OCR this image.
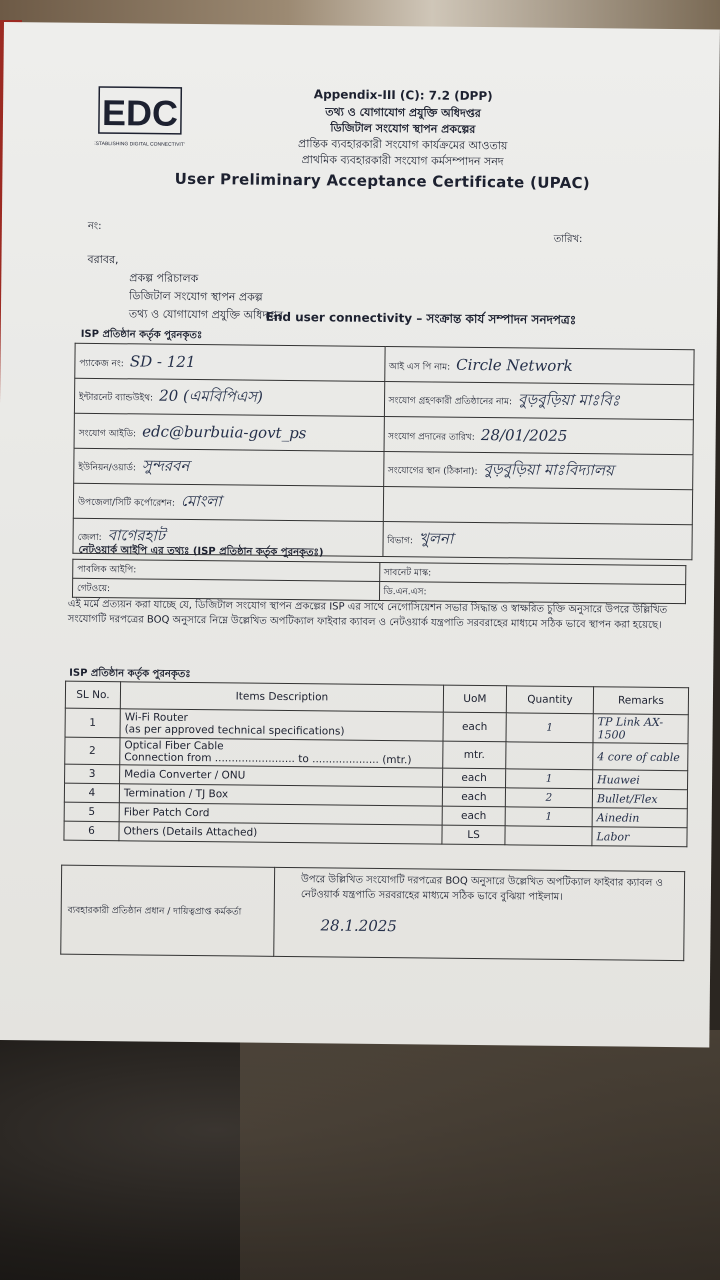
EDC
ESTABLISHING DIGITAL CONNECTIVITY
Appendix-III (C): 7.2 (DPP)
তথ্য ও যোগাযোগ প্রযুক্তি অধিদপ্তর
ডিজিটাল সংযোগ স্থাপন প্রকল্পের
প্রান্তিক ব্যবহারকারী সংযোগ কার্যক্রমের আওতায়
প্রাথমিক ব্যবহারকারী সংযোগ কর্মসম্পাদন সনদ
User Preliminary Acceptance Certificate (UPAC)
নং:
তারিখ:
বরাবর,
প্রকল্প পরিচালক
ডিজিটাল সংযোগ স্থাপন প্রকল্প
তথ্য ও যোগাযোগ প্রযুক্তি অধিদপ্তর
End user connectivity – সংক্রান্ত কার্য সম্পাদন সনদপত্রঃ
ISP প্রতিষ্ঠান কর্তৃক পুরনকৃতঃ
প্যাকেজ নং: SD - 121	আই এস পি নাম: Circle Network
ইন্টারনেট ব্যান্ডউইথ: 20 (এমবিপিএস)	সংযোগ গ্রহণকারী প্রতিষ্ঠানের নাম: বুড়বুড়িয়া মাঃবিঃ
সংযোগ আইডি: edc@burbuia-govt_ps	সংযোগ প্রদানের তারিখ: 28/01/2025
ইউনিয়ন/ওয়ার্ড: সুন্দরবন	সংযোগের স্থান (ঠিকানা): বুড়বুড়িয়া মাঃবিদ্যালয়
উপজেলা/সিটি কর্পোরেশন: মোংলা	
জেলা: বাগেরহাট	বিভাগ: খুলনা
নেটওয়ার্ক আইপি এর তথ্যঃ (ISP প্রতিষ্ঠান কর্তৃক পুরনকৃতঃ)
পাবলিক আইপি:	সাবনেট মাস্ক:
গেটওয়ে:	ডি.এন.এস:
এই মর্মে প্রত্যয়ন করা যাচ্ছে যে, ডিজিটাল সংযোগ স্থাপন প্রকল্পের ISP এর সাথে নেগোসিয়েশন সভার সিদ্ধান্ত ও স্বাক্ষরিত চুক্তি অনুসারে উপরে উল্লিখিত সংযোগটি দরপত্রের BOQ অনুসারে নিম্নে উল্লেখিত অপটিক্যাল ফাইবার ক্যাবল ও নেটওয়ার্ক যন্ত্রপাতি সরবরাহের মাধ্যমে সঠিক ভাবে স্থাপন করা হয়েছে।
ISP প্রতিষ্ঠান কর্তৃক পুরনকৃতঃ
SL No.	Items Description	UoM	Quantity	Remarks
1	Wi-Fi Router
(as per approved technical specifications)	each	1	TP Link AX-1500
2	Optical Fiber Cable
Connection from ........................ to .................... (mtr.)	mtr.		4 core of cable
3	Media Converter / ONU	each	1	Huawei
4	Termination / TJ Box	each	2	Bullet/Flex
5	Fiber Patch Cord	each	1	Ainedin
6	Others (Details Attached)	LS		Labor
ব্যবহারকারী প্রতিষ্ঠান প্রধান / দায়িত্বপ্রাপ্ত কর্মকর্তা	
উপরে উল্লিখিত সংযোগটি দরপত্রের BOQ অনুসারে উল্লেখিত অপটিক্যাল ফাইবার ক্যাবল ও নেটওয়ার্ক যন্ত্রপাতি সরবরাহের মাধ্যমে সঠিক ভাবে বুঝিয়া পাইলাম।
28.1.2025
